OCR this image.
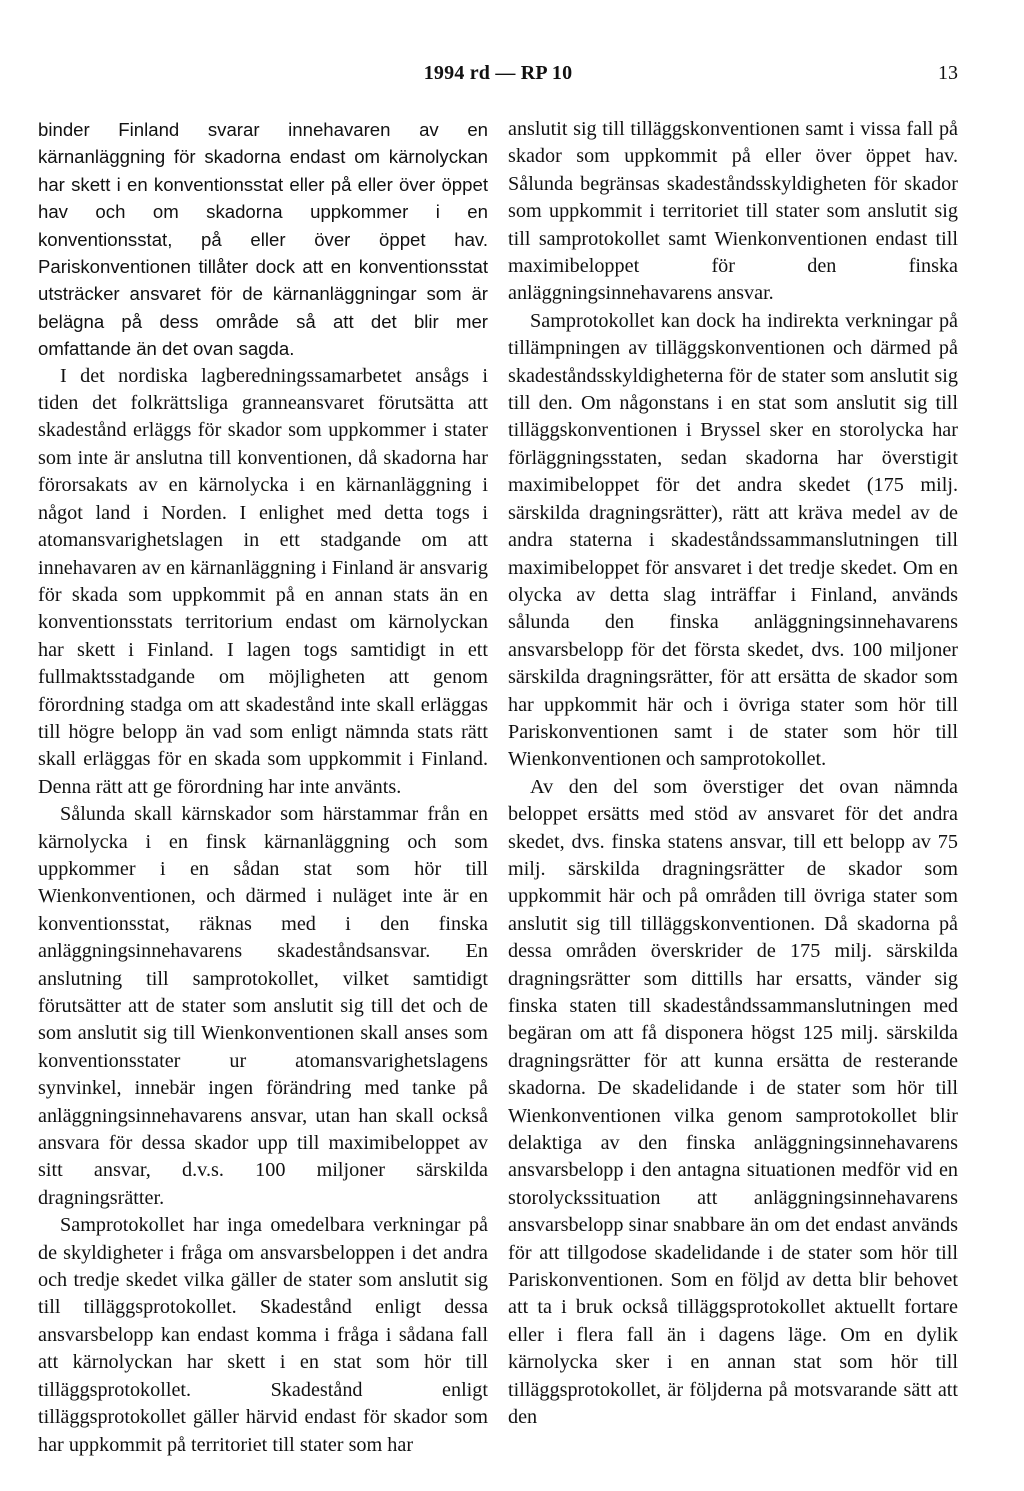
1994 rd — RP 10	13

binder Finland svarar innehavaren av en kärnanläggning för skadorna endast om kärnolyckan har skett i en konventionsstat eller på eller över öppet hav och om skadorna uppkommer i en konventionsstat, på eller över öppet hav. Pariskonventionen tillåter dock att en konventionsstat utsträcker ansvaret för de kärnanläggningar som är belägna på dess område så att det blir mer omfattande än det ovan sagda.

I det nordiska lagberedningssamarbetet ansågs i tiden det folkrättsliga granneansvaret förutsätta att skadestånd erläggs för skador som uppkommer i stater som inte är anslutna till konventionen, då skadorna har förorsakats av en kärnolycka i en kärnanläggning i något land i Norden. I enlighet med detta togs i atomansvarighetslagen in ett stadgande om att innehavaren av en kärnanläggning i Finland är ansvarig för skada som uppkommit på en annan stats än en konventionsstats territorium endast om kärnolyckan har skett i Finland. I lagen togs samtidigt in ett fullmaktsstadgande om möjligheten att genom förordning stadga om att skadestånd inte skall erläggas till högre belopp än vad som enligt nämnda stats rätt skall erläggas för en skada som uppkommit i Finland. Denna rätt att ge förordning har inte använts.

Sålunda skall kärnskador som härstammar från en kärnolycka i en finsk kärnanläggning och som uppkommer i en sådan stat som hör till Wienkonventionen, och därmed i nuläget inte är en konventionsstat, räknas med i den finska anläggningsinnehavarens skadeståndsansvar. En anslutning till samprotokollet, vilket samtidigt förutsätter att de stater som anslutit sig till det och de som anslutit sig till Wienkonventionen skall anses som konventionsstater ur atomansvarighetslagens synvinkel, innebär ingen förändring med tanke på anläggningsinnehavarens ansvar, utan han skall också ansvara för dessa skador upp till maximibeloppet av sitt ansvar, d.v.s. 100 miljoner särskilda dragningsrätter.

Samprotokollet har inga omedelbara verkningar på de skyldigheter i fråga om ansvarsbeloppen i det andra och tredje skedet vilka gäller de stater som anslutit sig till tilläggsprotokollet. Skadestånd enligt dessa ansvarsbelopp kan endast komma i fråga i sådana fall att kärnolyckan har skett i en stat som hör till tilläggsprotokollet. Skadestånd enligt tilläggsprotokollet gäller härvid endast för skador som har uppkommit på territoriet till stater som har

anslutit sig till tilläggskonventionen samt i vissa fall på skador som uppkommit på eller över öppet hav. Sålunda begränsas skadeståndsskyldigheten för skador som uppkommit i territoriet till stater som anslutit sig till samprotokollet samt Wienkonventionen endast till maximibeloppet för den finska anläggningsinnehavarens ansvar.

Samprotokollet kan dock ha indirekta verkningar på tillämpningen av tilläggskonventionen och därmed på skadeståndsskyldigheterna för de stater som anslutit sig till den. Om någonstans i en stat som anslutit sig till tilläggskonventionen i Bryssel sker en storolycka har förläggningsstaten, sedan skadorna har överstigit maximibeloppet för det andra skedet (175 milj. särskilda dragningsrätter), rätt att kräva medel av de andra staterna i skadeståndssammanslutningen till maximibeloppet för ansvaret i det tredje skedet. Om en olycka av detta slag inträffar i Finland, används sålunda den finska anläggningsinnehavarens ansvarsbelopp för det första skedet, dvs. 100 miljoner särskilda dragningsrätter, för att ersätta de skador som har uppkommit här och i övriga stater som hör till Pariskonventionen samt i de stater som hör till Wienkonventionen och samprotokollet.

Av den del som överstiger det ovan nämnda beloppet ersätts med stöd av ansvaret för det andra skedet, dvs. finska statens ansvar, till ett belopp av 75 milj. särskilda dragningsrätter de skador som uppkommit här och på områden till övriga stater som anslutit sig till tilläggskonventionen. Då skadorna på dessa områden överskrider de 175 milj. särskilda dragningsrätter som dittills har ersatts, vänder sig finska staten till skadeståndssammanslutningen med begäran om att få disponera högst 125 milj. särskilda dragningsrätter för att kunna ersätta de resterande skadorna. De skadelidande i de stater som hör till Wienkonventionen vilka genom samprotokollet blir delaktiga av den finska anläggningsinnehavarens ansvarsbelopp i den antagna situationen medför vid en storolyckssituation att anläggningsinnehavarens ansvarsbelopp sinar snabbare än om det endast används för att tillgodose skadelidande i de stater som hör till Pariskonventionen. Som en följd av detta blir behovet att ta i bruk också tilläggsprotokollet aktuellt fortare eller i flera fall än i dagens läge. Om en dylik kärnolycka sker i en annan stat som hör till tilläggsprotokollet, är följderna på motsvarande sätt att den
